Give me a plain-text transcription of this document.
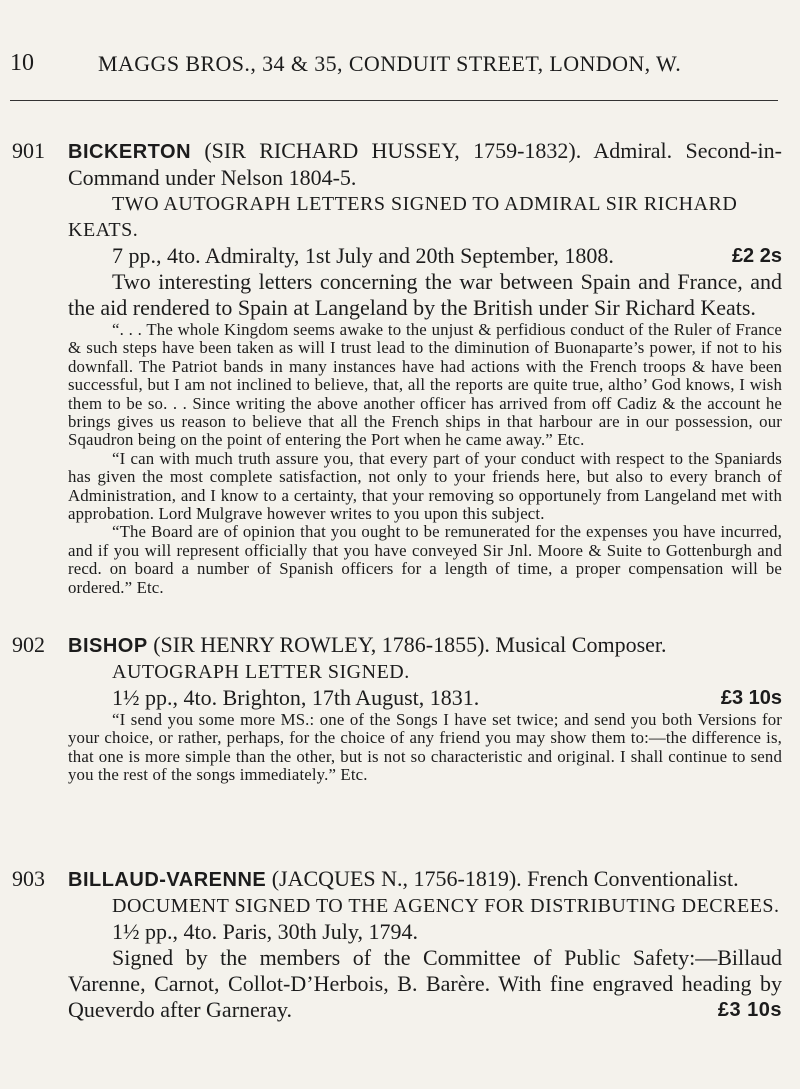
10	MAGGS BROS., 34 & 35, CONDUIT STREET, LONDON, W.
901 BICKERTON (SIR RICHARD HUSSEY, 1759-1832). Admiral. Second-in-Command under Nelson 1804-5.

TWO AUTOGRAPH LETTERS SIGNED TO ADMIRAL SIR RICHARD KEATS.

7 pp., 4to. Admiralty, 1st July and 20th September, 1808.	£2 2s

Two interesting letters concerning the war between Spain and France, and the aid rendered to Spain at Langeland by the British under Sir Richard Keats.

“. . . The whole Kingdom seems awake to the unjust & perfidious conduct of the Ruler of France & such steps have been taken as will I trust lead to the diminution of Buonaparte’s power, if not to his downfall. The Patriot bands in many instances have had actions with the French troops & have been successful, but I am not inclined to believe, that, all the reports are quite true, altho’ God knows, I wish them to be so. . . Since writing the above another officer has arrived from off Cadiz & the account he brings gives us reason to believe that all the French ships in that harbour are in our possession, our Sqaudron being on the point of entering the Port when he came away.” Etc.

“I can with much truth assure you, that every part of your conduct with respect to the Spaniards has given the most complete satisfaction, not only to your friends here, but also to every branch of Administration, and I know to a certainty, that your removing so opportunely from Langeland met with approbation. Lord Mulgrave however writes to you upon this subject.

“The Board are of opinion that you ought to be remunerated for the expenses you have incurred, and if you will represent officially that you have conveyed Sir Jnl. Moore & Suite to Gottenburgh and recd. on board a number of Spanish officers for a length of time, a proper compensation will be ordered.” Etc.

902 BISHOP (SIR HENRY ROWLEY, 1786-1855). Musical Composer.

AUTOGRAPH LETTER SIGNED.

1½ pp., 4to. Brighton, 17th August, 1831.	£3 10s

“I send you some more MS.: one of the Songs I have set twice; and send you both Versions for your choice, or rather, perhaps, for the choice of any friend you may show them to:—the difference is, that one is more simple than the other, but is not so characteristic and original. I shall continue to send you the rest of the songs immediately.” Etc.

903 BILLAUD-VARENNE (JACQUES N., 1756-1819). French Conventionalist.

DOCUMENT SIGNED TO THE AGENCY FOR DISTRIBUTING DECREES.

1½ pp., 4to. Paris, 30th July, 1794.

Signed by the members of the Committee of Public Safety:—Billaud Varenne, Carnot, Collot-D’Herbois, B. Barère. With fine engraved heading by Queverdo after Garneray.	£3 10s
